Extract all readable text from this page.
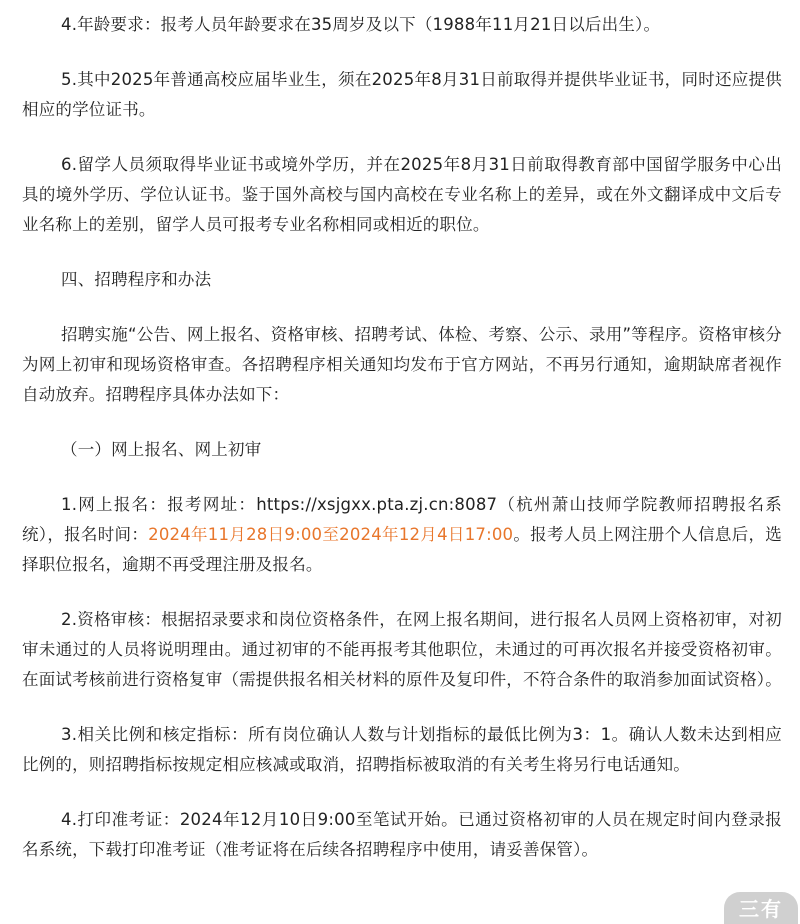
4.年龄要求：报考人员年龄要求在35周岁及以下（1988年11月21日以后出生）。

5.其中2025年普通高校应届毕业生，须在2025年8月31日前取得并提供毕业证书，同时还应提供相应的学位证书。

6.留学人员须取得毕业证书或境外学历，并在2025年8月31日前取得教育部中国留学服务中心出具的境外学历、学位认证书。鉴于国外高校与国内高校在专业名称上的差异，或在外文翻译成中文后专业名称上的差别，留学人员可报考专业名称相同或相近的职位。

四、招聘程序和办法

招聘实施“公告、网上报名、资格审核、招聘考试、体检、考察、公示、录用”等程序。资格审核分为网上初审和现场资格审查。各招聘程序相关通知均发布于官方网站，不再另行通知，逾期缺席者视作自动放弃。招聘程序具体办法如下：

（一）网上报名、网上初审

1.网上报名：报考网址：https://xsjgxx.pta.zj.cn:8087（杭州萧山技师学院教师招聘报名系统），报名时间：2024年11月28日9:00至2024年12月4日17:00。报考人员上网注册个人信息后，选择职位报名，逾期不再受理注册及报名。

2.资格审核：根据招录要求和岗位资格条件，在网上报名期间，进行报名人员网上资格初审，对初审未通过的人员将说明理由。通过初审的不能再报考其他职位，未通过的可再次报名并接受资格初审。在面试考核前进行资格复审（需提供报名相关材料的原件及复印件，不符合条件的取消参加面试资格）。

3.相关比例和核定指标：所有岗位确认人数与计划指标的最低比例为3：1。确认人数未达到相应比例的，则招聘指标按规定相应核减或取消，招聘指标被取消的有关考生将另行电话通知。

4.打印准考证：2024年12月10日9:00至笔试开始。已通过资格初审的人员在规定时间内登录报名系统，下载打印准考证（准考证将在后续各招聘程序中使用，请妥善保管）。

三有
